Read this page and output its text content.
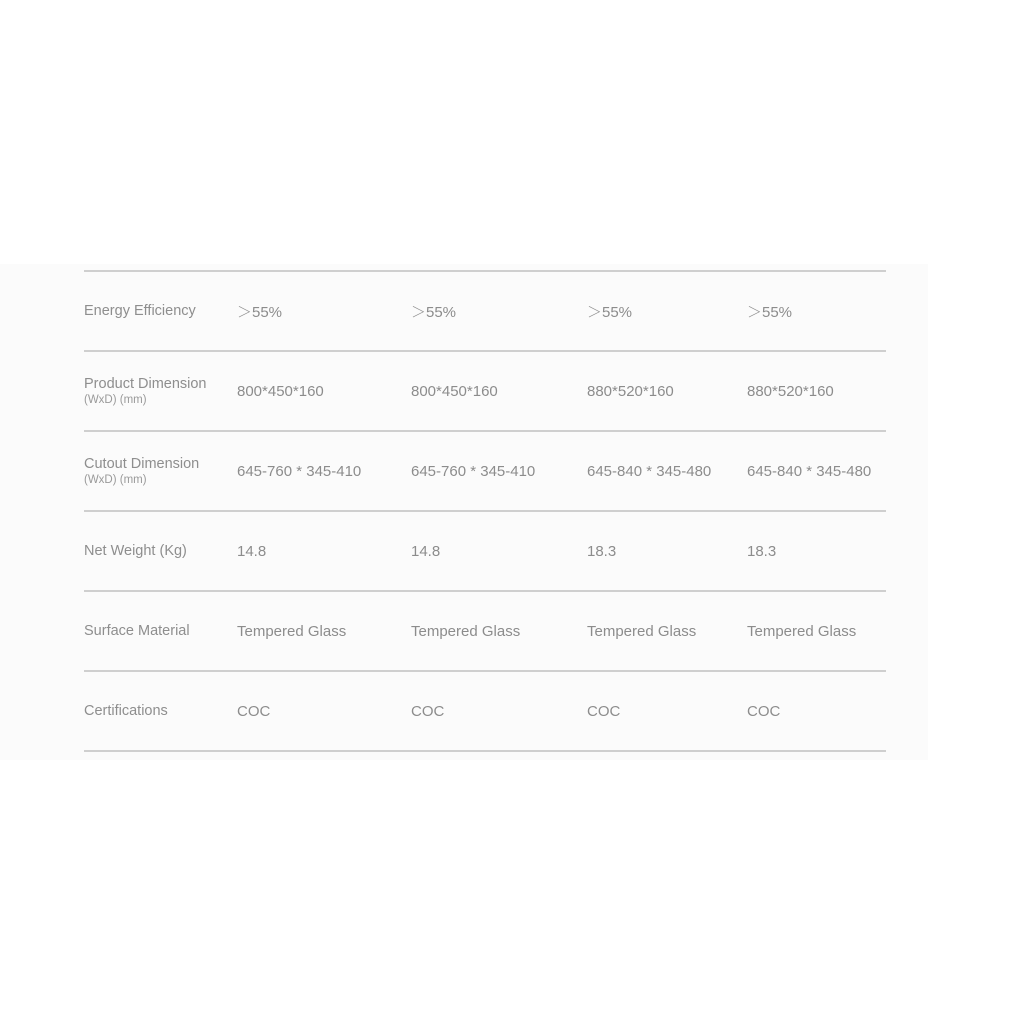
Energy Efficiency	＞55%	＞55%	＞55%	＞55%

Product Dimension
(WxD) (mm)	800*450*160	800*450*160	880*520*160	880*520*160

Cutout Dimension
(WxD) (mm)	645-760 * 345-410	645-760 * 345-410	645-840 * 345-480	645-840 * 345-480

Net Weight (Kg)	14.8	14.8	18.3	18.3

Surface Material	Tempered Glass	Tempered Glass	Tempered Glass	Tempered Glass

Certifications	COC	COC	COC	COC
